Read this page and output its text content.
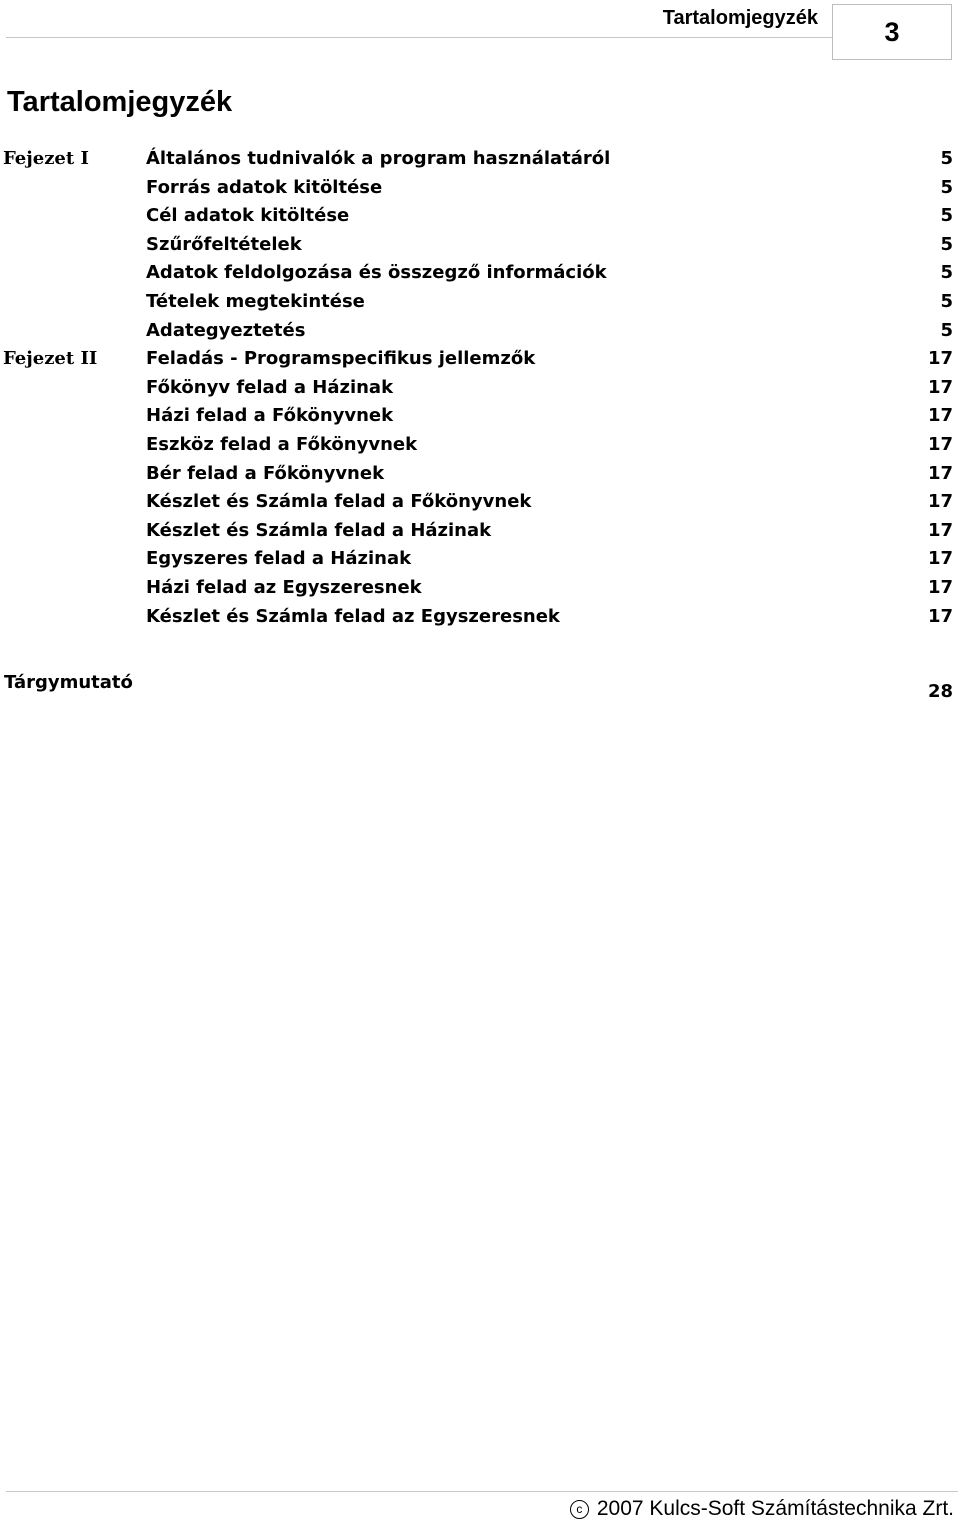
Tartalomjegyzék 3
Tartalomjegyzék
Fejezet I	Általános tudnivalók a program használatáról	5
Forrás adatok kitöltése	5
Cél adatok kitöltése	5
Szűrőfeltételek	5
Adatok feldolgozása és összegző információk	5
Tételek megtekintése	5
Adategyeztetés	5
Fejezet II	Feladás - Programspecifikus jellemzők	17
Főkönyv felad a Házinak	17
Házi felad a Főkönyvnek	17
Eszköz felad a Főkönyvnek	17
Bér felad a Főkönyvnek	17
Készlet és Számla felad a Főkönyvnek	17
Készlet és Számla felad a Házinak	17
Egyszeres felad a Házinak	17
Házi felad az Egyszeresnek	17
Készlet és Számla felad az Egyszeresnek	17
Tárgymutató	28
c 2007 Kulcs-Soft Számítástechnika Zrt.
